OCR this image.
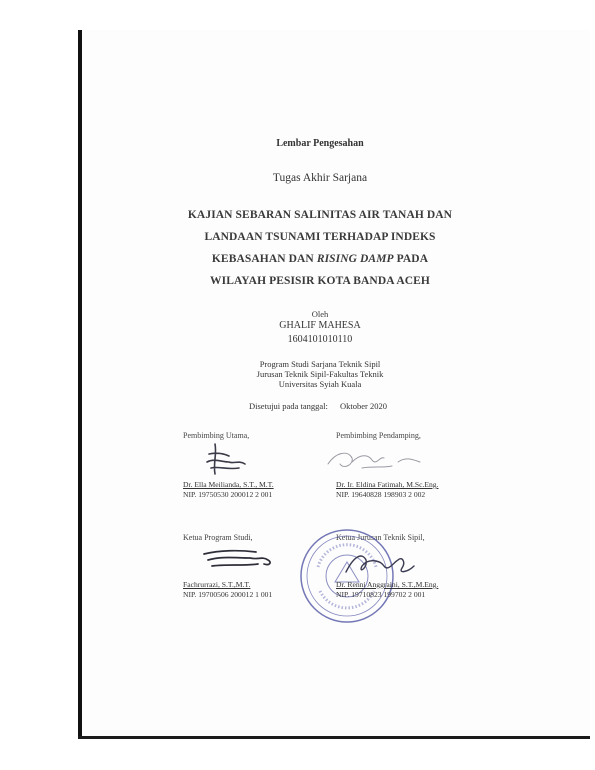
Lembar Pengesahan
Tugas Akhir Sarjana
KAJIAN SEBARAN SALINITAS AIR TANAH DAN
LANDAAN TSUNAMI TERHADAP INDEKS
KEBASAHAN DAN RISING DAMP PADA
WILAYAH PESISIR KOTA BANDA ACEH
Oleh
GHALIF MAHESA
1604101010110
Program Studi Sarjana Teknik Sipil
Jurusan Teknik Sipil-Fakultas Teknik
Universitas Syiah Kuala
Disetujui pada tanggal: Oktober 2020
Pembimbing Utama,
Dr. Ella Meilianda, S.T., M.T.
NIP. 19750530 200012 2 001
Pembimbing Pendamping,
Dr. Ir. Eldina Fatimah, M.Sc.Eng.
NIP. 19640828 198903 2 002
Ketua Program Studi,
Fachrurrazi, S.T.,M.T.
NIP. 19700506 200012 1 001
Ketua Jurusan Teknik Sipil,
Dr. Renni Anggraini, S.T.,M.Eng.
NIP. 19710823 199702 2 001
